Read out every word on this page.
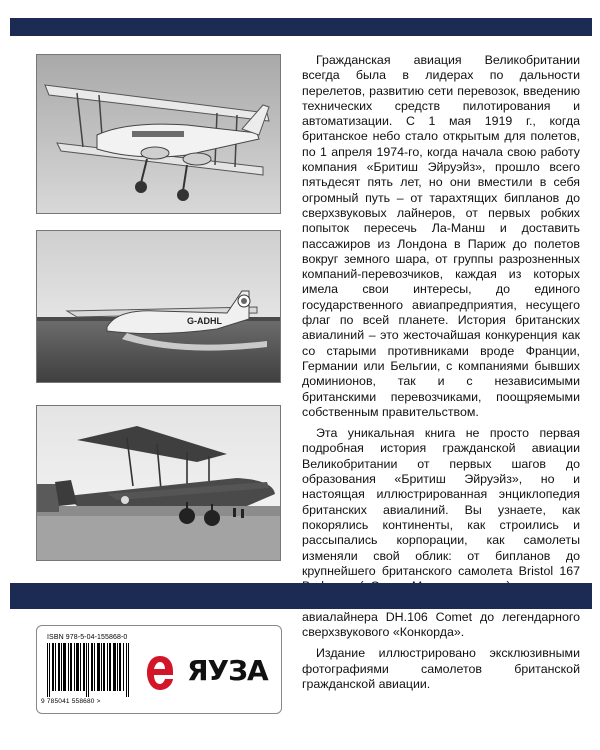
G-ADHL

Гражданская авиация Великобритании всегда была в лидерах по дальности перелетов, развитию сети перевозок, введению технических средств пилотирования и автоматизации. С 1 мая 1919 г., когда британское небо стало открытым для полетов, по 1 апреля 1974-го, когда начала свою работу компания «Бритиш Эйруэйз», прошло всего пятьдесят пять лет, но они вместили в себя огромный путь – от тарахтящих бипланов до сверхзвуковых лайнеров, от первых робких попыток пересечь Ла-Манш и доставить пассажиров из Лондона в Париж до полетов вокруг земного шара, от группы разрозненных компаний-перевозчиков, каждая из которых имела свои интересы, до единого государственного авиапредприятия, несущего флаг по всей планете. История британских авиалиний – это жесточайшая конкуренция как со старыми противниками вроде Франции, Германии или Бельгии, с компаниями бывших доминионов, так и с независимыми британскими перевозчиками, поощряемыми собственным правительством.

Эта уникальная книга не просто первая подробная история гражданской авиации Великобритании от первых шагов до образования «Бритиш Эйруэйз», но и настоящая иллюстрированная энциклопедия британских авиалиний. Вы узнаете, как покорялись континенты, как строились и рассыпались корпорации, как самолеты изменяли свой облик: от бипланов до крупнейшего британского самолета Bristol 167 авиалайнера DH.106 Comet до легендарного сверхзвукового «Конкорда».

Издание иллюстрировано эксклюзивными фотографиями самолетов британской гражданской авиации.

ISBN 978-5-04-155868-0
9 785041 558680 >
ЯУЗА
